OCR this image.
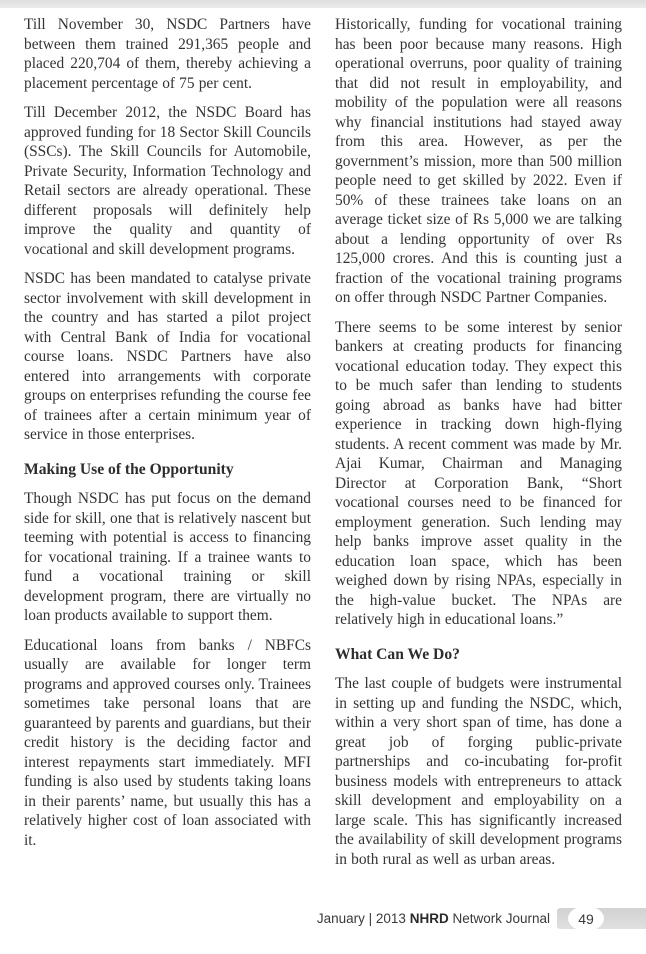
Till November 30, NSDC Partners have between them trained 291,365 people and placed 220,704 of them, thereby achieving a placement percentage of 75 per cent.

Till December 2012, the NSDC Board has approved funding for 18 Sector Skill Councils (SSCs). The Skill Councils for Automobile, Private Security, Information Technology and Retail sectors are already operational. These different proposals will definitely help improve the quality and quantity of vocational and skill development programs.

NSDC has been mandated to catalyse private sector involvement with skill development in the country and has started a pilot project with Central Bank of India for vocational course loans. NSDC Partners have also entered into arrangements with corporate groups on enterprises refunding the course fee of trainees after a certain minimum year of service in those enterprises.

Making Use of the Opportunity

Though NSDC has put focus on the demand side for skill, one that is relatively nascent but teeming with potential is access to financing for vocational training. If a trainee wants to fund a vocational training or skill development program, there are virtually no loan products available to support them.

Educational loans from banks / NBFCs usually are available for longer term programs and approved courses only. Trainees sometimes take personal loans that are guaranteed by parents and guardians, but their credit history is the deciding factor and interest repayments start immediately. MFI funding is also used by students taking loans in their parents’ name, but usually this has a relatively higher cost of loan associated with it.

Historically, funding for vocational training has been poor because many reasons. High operational overruns, poor quality of training that did not result in employability, and mobility of the population were all reasons why financial institutions had stayed away from this area. However, as per the government’s mission, more than 500 million people need to get skilled by 2022. Even if 50% of these trainees take loans on an average ticket size of Rs 5,000 we are talking about a lending opportunity of over Rs 125,000 crores. And this is counting just a fraction of the vocational training programs on offer through NSDC Partner Companies.

There seems to be some interest by senior bankers at creating products for financing vocational education today. They expect this to be much safer than lending to students going abroad as banks have had bitter experience in tracking down high-flying students. A recent comment was made by Mr. Ajai Kumar, Chairman and Managing Director at Corporation Bank, “Short vocational courses need to be financed for employment generation. Such lending may help banks improve asset quality in the education loan space, which has been weighed down by rising NPAs, especially in the high-value bucket. The NPAs are relatively high in educational loans.”

What Can We Do?

The last couple of budgets were instrumental in setting up and funding the NSDC, which, within a very short span of time, has done a great job of forging public-private partnerships and co-incubating for-profit business models with entrepreneurs to attack skill development and employability on a large scale. This has significantly increased the availability of skill development programs in both rural as well as urban areas.

January | 2013 NHRD Network Journal	49
